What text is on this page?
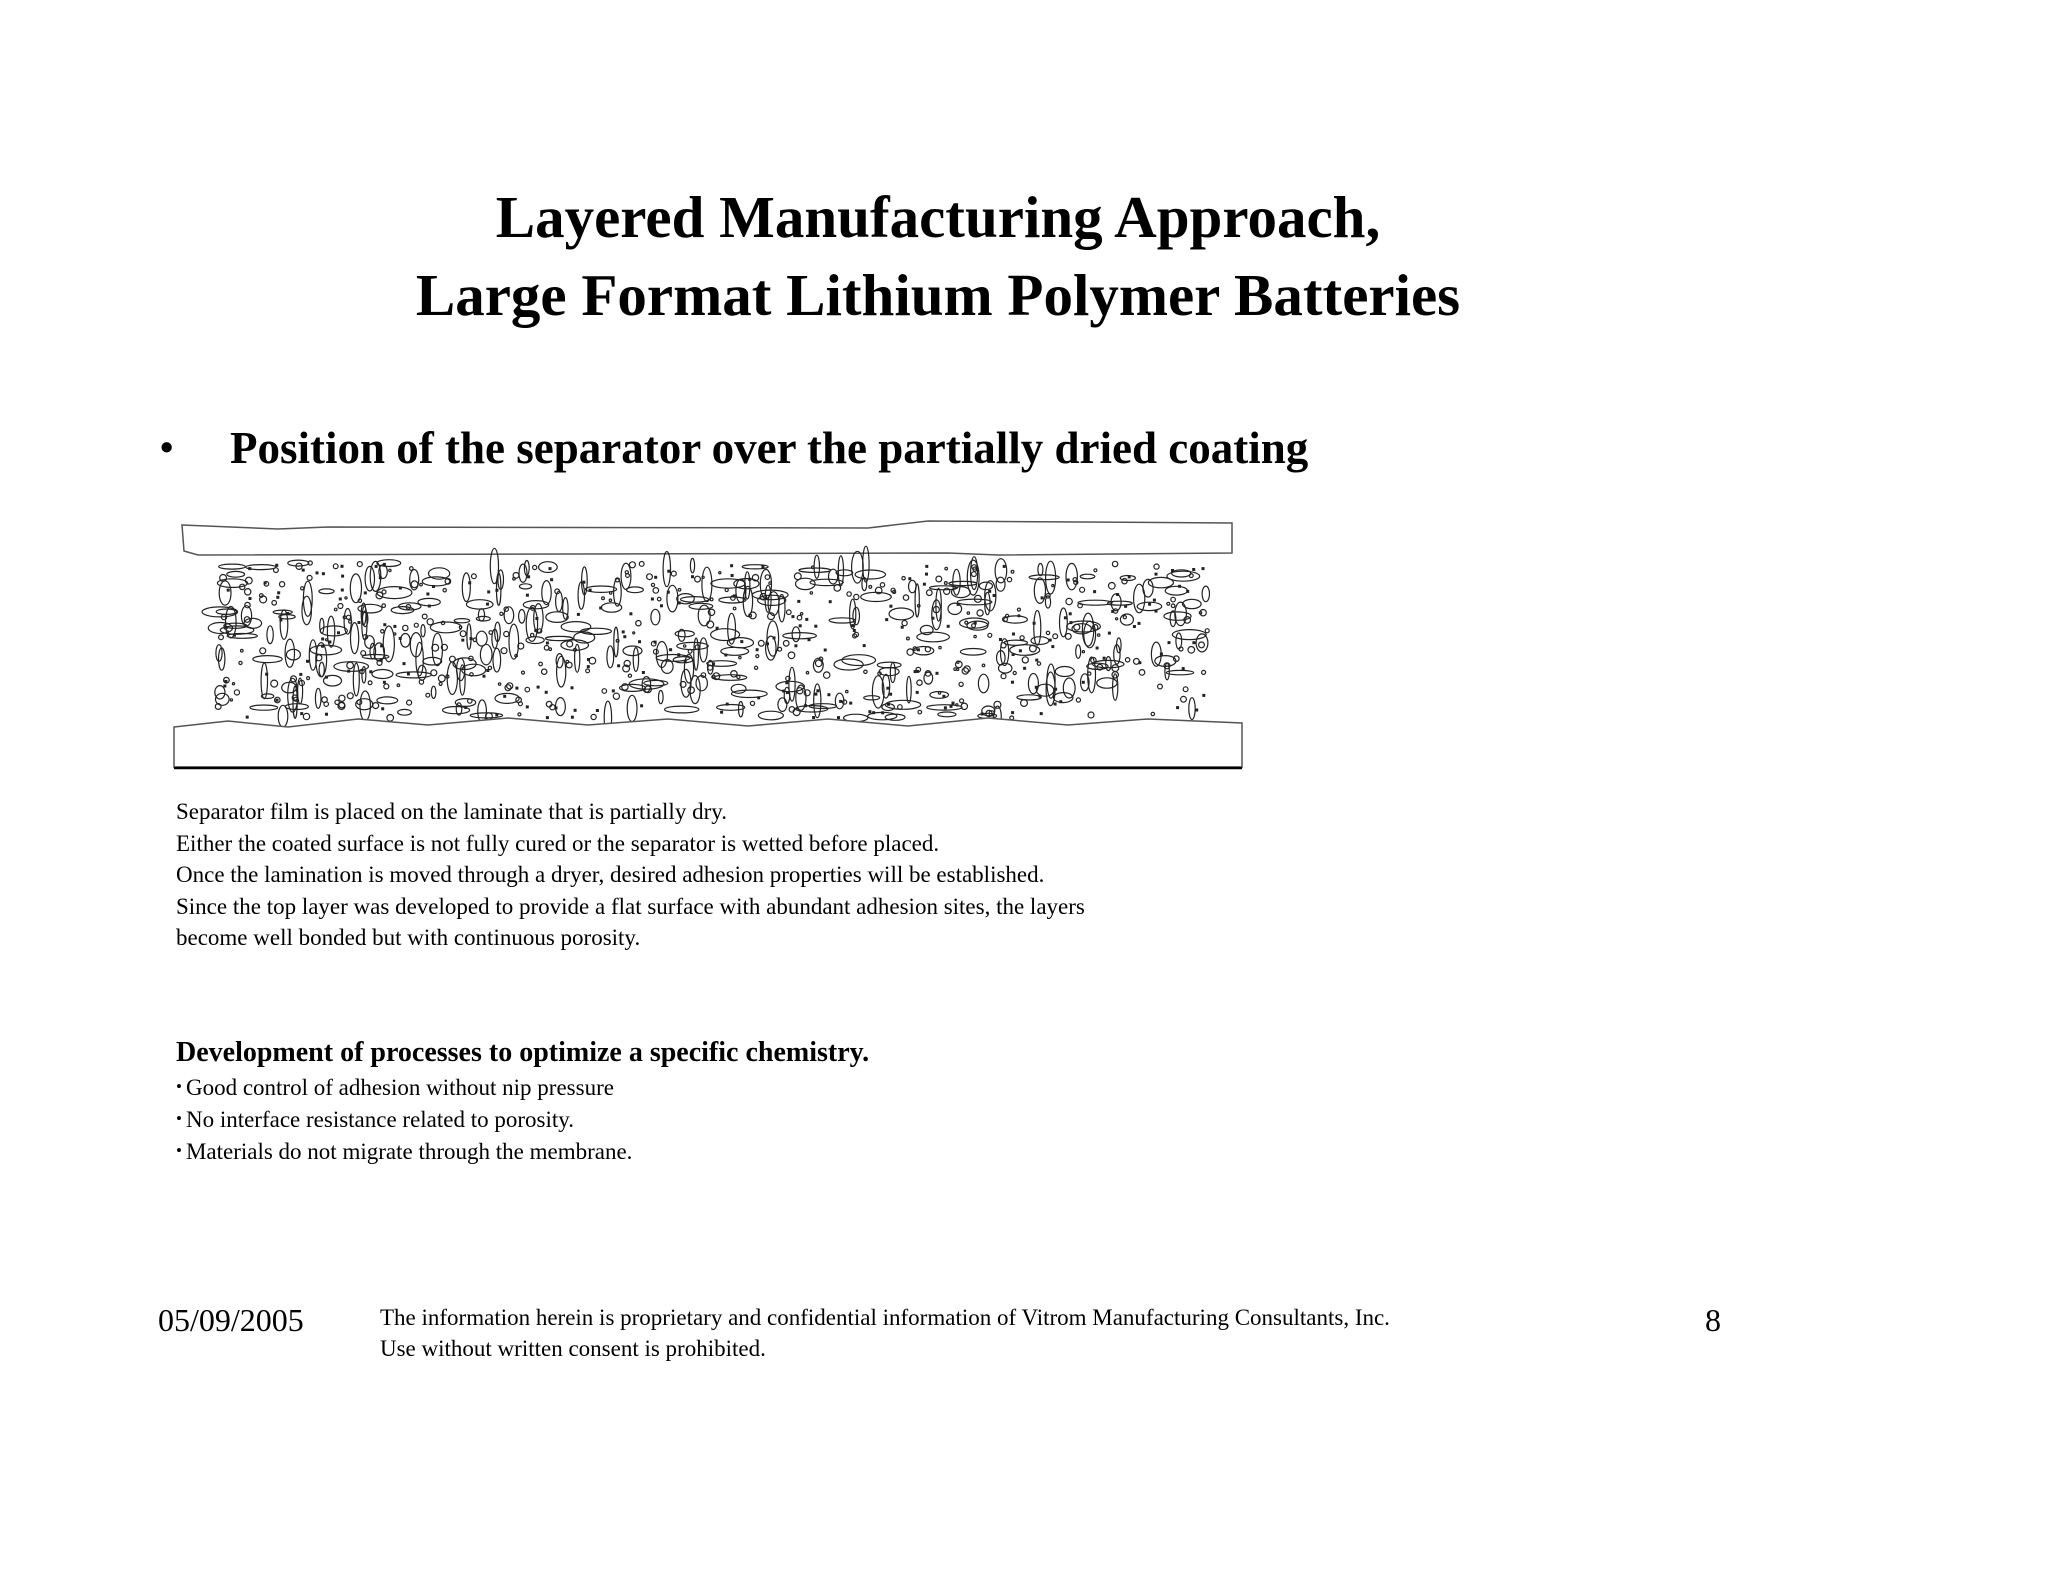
Layered Manufacturing Approach,
Large Format Lithium Polymer Batteries
• Position of the separator over the partially dried coating
Separator film is placed on the laminate that is partially dry.
Either the coated surface is not fully cured or the separator is wetted before placed.
Once the lamination is moved through a dryer, desired adhesion properties will be established.
Since the top layer was developed to provide a flat surface with abundant adhesion sites, the layers
become well bonded but with continuous porosity.
Development of processes to optimize a specific chemistry.
• Good control of adhesion without nip pressure
• No interface resistance related to porosity.
• Materials do not migrate through the membrane.
05/09/2005	The information herein is proprietary and confidential information of Vitrom Manufacturing Consultants, Inc.
Use without written consent is prohibited.
8
